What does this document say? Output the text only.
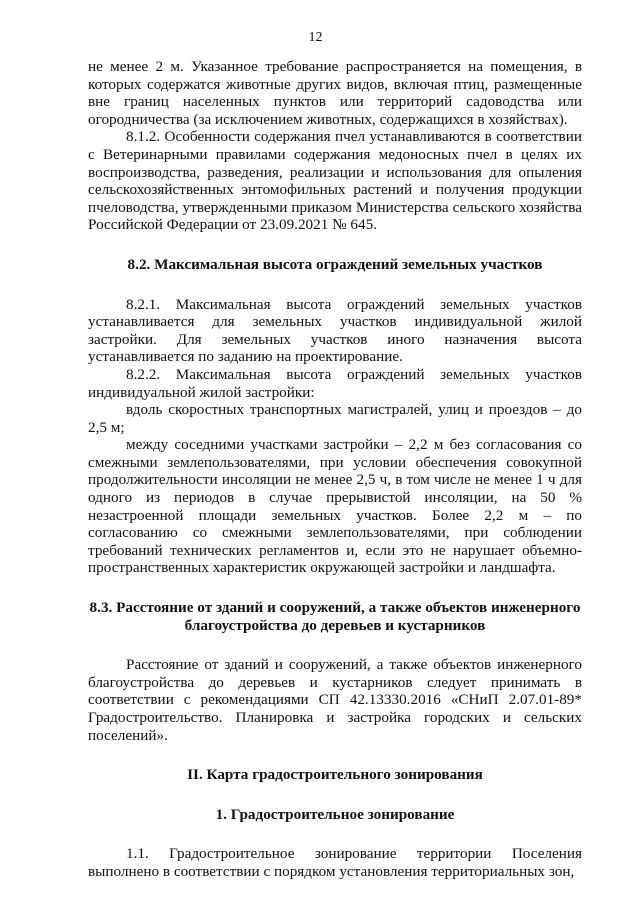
12

не менее 2 м. Указанное требование распространяется на помещения, в которых содержатся животные других видов, включая птиц, размещенные вне границ населенных пунктов или территорий садоводства или огородничества (за исключением животных, содержащихся в хозяйствах).

8.1.2. Особенности содержания пчел устанавливаются в соответствии с Ветеринарными правилами содержания медоносных пчел в целях их воспроизводства, разведения, реализации и использования для опыления сельскохозяйственных энтомофильных растений и получения продукции пчеловодства, утвержденными приказом Министерства сельского хозяйства Российской Федерации от 23.09.2021 № 645.

8.2. Максимальная высота ограждений земельных участков

8.2.1. Максимальная высота ограждений земельных участков устанавливается для земельных участков индивидуальной жилой застройки. Для земельных участков иного назначения высота устанавливается по заданию на проектирование.

8.2.2. Максимальная высота ограждений земельных участков индивидуальной жилой застройки:

вдоль скоростных транспортных магистралей, улиц и проездов – до 2,5 м;

между соседними участками застройки – 2,2 м без согласования со смежными землепользователями, при условии обеспечения совокупной продолжительности инсоляции не менее 2,5 ч, в том числе не менее 1 ч для одного из периодов в случае прерывистой инсоляции, на 50 % незастроенной площади земельных участков. Более 2,2 м – по согласованию со смежными землепользователями, при соблюдении требований технических регламентов и, если это не нарушает объемно-пространственных характеристик окружающей застройки и ландшафта.

8.3. Расстояние от зданий и сооружений, а также объектов инженерного благоустройства до деревьев и кустарников

Расстояние от зданий и сооружений, а также объектов инженерного благоустройства до деревьев и кустарников следует принимать в соответствии с рекомендациями СП 42.13330.2016 «СНиП 2.07.01-89* Градостроительство. Планировка и застройка городских и сельских поселений».

II. Карта градостроительного зонирования
1. Градостроительное зонирование

1.1. Градостроительное зонирование территории Поселения выполнено в соответствии с порядком установления территориальных зон,
